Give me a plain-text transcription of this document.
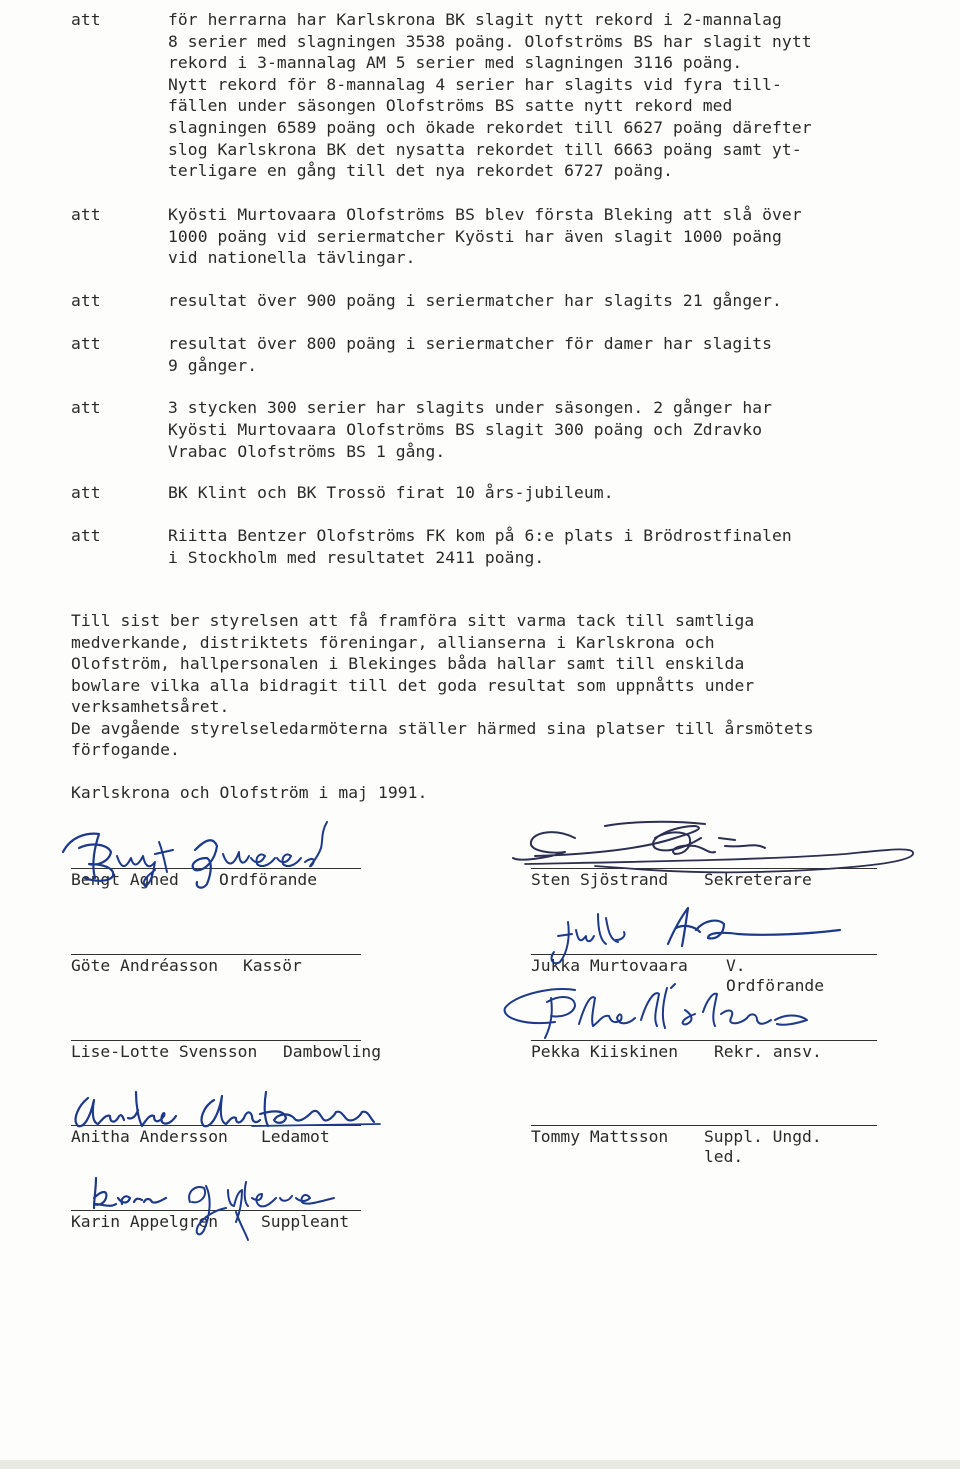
att	för herrarna har Karlskrona BK slagit nytt rekord i 2-mannalag
8 serier med slagningen 3538 poäng. Olofströms BS har slagit nytt
rekord i 3-mannalag AM 5 serier med slagningen 3116 poäng.
Nytt rekord för 8-mannalag 4 serier har slagits vid fyra till-
fällen under säsongen Olofströms BS satte nytt rekord med
slagningen 6589 poäng och ökade rekordet till 6627 poäng därefter
slog Karlskrona BK det nysatta rekordet till 6663 poäng samt yt-
terligare en gång till det nya rekordet 6727 poäng.
att	Kyösti Murtovaara Olofströms BS blev första Bleking att slå över
1000 poäng vid seriermatcher Kyösti har även slagit 1000 poäng
vid nationella tävlingar.
att	resultat över 900 poäng i seriermatcher har slagits 21 gånger.
att	resultat över 800 poäng i seriermatcher för damer har slagits
9 gånger.
att	3 stycken 300 serier har slagits under säsongen. 2 gånger har
Kyösti Murtovaara Olofströms BS slagit 300 poäng och Zdravko
Vrabac Olofströms BS 1 gång.
att	BK Klint och BK Trossö firat 10 års-jubileum.
att	Riitta Bentzer Olofströms FK kom på 6:e plats i Brödrostfinalen
i Stockholm med resultatet 2411 poäng.
Till sist ber styrelsen att få framföra sitt varma tack till samtliga
medverkande, distriktets föreningar, allianserna i Karlskrona och
Olofström, hallpersonalen i Blekinges båda hallar samt till enskilda
bowlare vilka alla bidragit till det goda resultat som uppnåtts under
verksamhetsåret.
De avgående styrelseledarmöterna ställer härmed sina platser till årsmötets
förfogande.
Karlskrona och Olofström i maj 1991.
Bengt Aghed Ordförande
Göte Andréasson Kassör
Lise-Lotte Svensson Dambowling
Anitha Andersson Ledamot
Karin Appelgren	Suppleant
Sten Sjöstrand Sekreterare
Jukka Murtovaara V. Ordförande
Pekka Kiiskinen Rekr. ansv.
Tommy Mattsson Suppl. Ungd. led.
